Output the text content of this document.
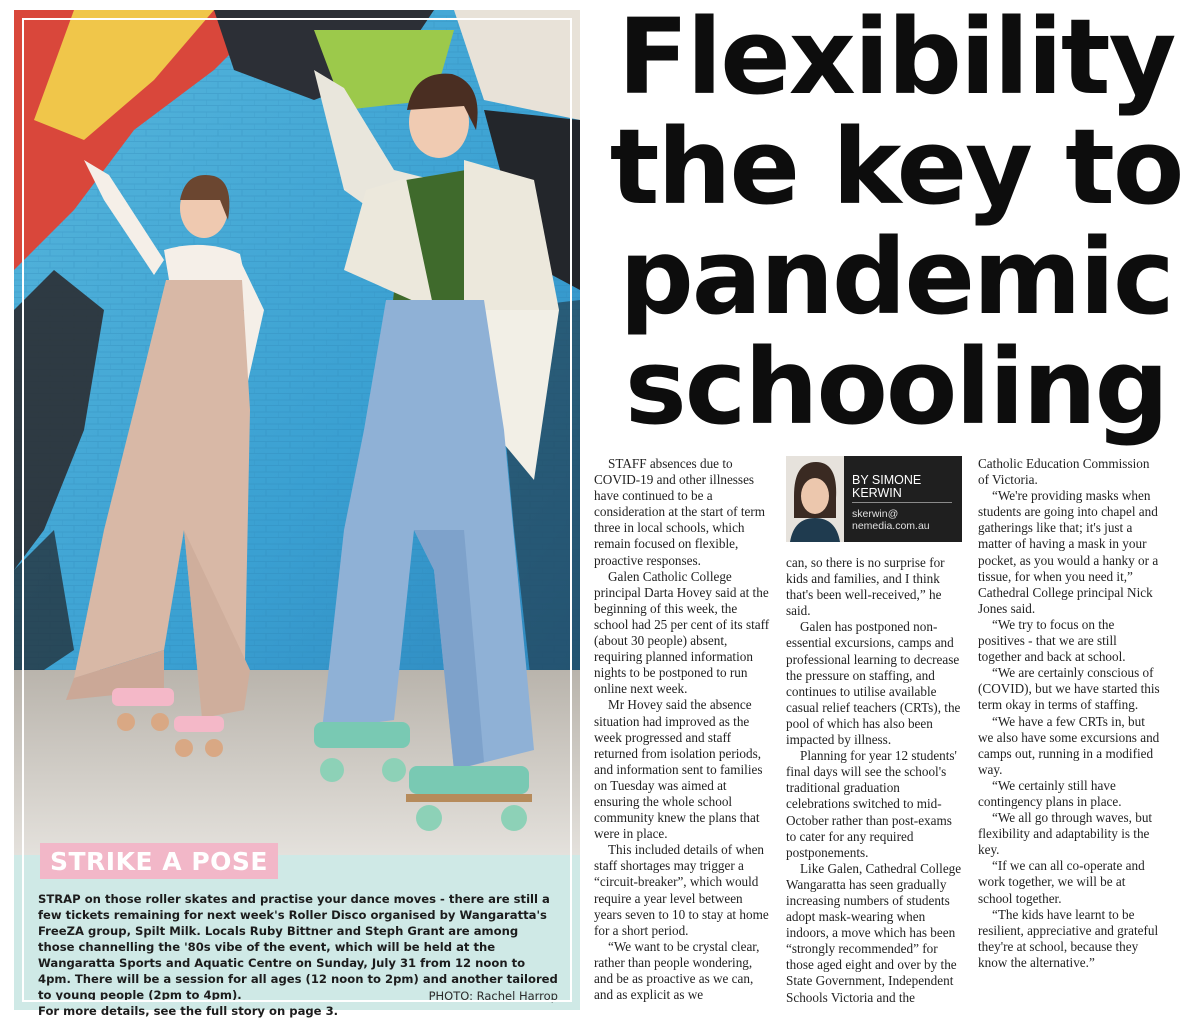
STRIKE A POSE
STRAP on those roller skates and practise your dance moves - there are still a few tickets remaining for next week's Roller Disco organised by Wangaratta's FreeZA group, Spilt Milk. Locals Ruby Bittner and Steph Grant are among those channelling the '80s vibe of the event, which will be held at the Wangaratta Sports and Aquatic Centre on Sunday, July 31 from 12 noon to 4pm. There will be a session for all ages (12 noon to 2pm) and another tailored to young people (2pm to 4pm).
For more details, see the full story on page 3.
PHOTO: Rachel Harrop
Flexibility
the key to
pandemic
schooling

STAFF absences due to COVID-19 and other illnesses have continued to be a consideration at the start of term three in local schools, which remain focused on flexible, proactive responses.

Galen Catholic College principal Darta Hovey said at the beginning of this week, the school had 25 per cent of its staff (about 30 people) absent, requiring planned information nights to be postponed to run online next week.

Mr Hovey said the absence situation had improved as the week progressed and staff returned from isolation periods, and information sent to families on Tuesday was aimed at ensuring the whole school community knew the plans that were in place.

This included details of when staff shortages may trigger a “circuit-breaker”, which would require a year level between years seven to 10 to stay at home for a short period.

“We want to be crystal clear, rather than people wondering, and be as proactive as we can, and as explicit as we

BY SIMONE
KERWIN
skerwin@
nemedia.com.au

can, so there is no surprise for kids and families, and I think that's been well-received,” he said.

Galen has postponed non-essential excursions, camps and professional learning to decrease the pressure on staffing, and continues to utilise available casual relief teachers (CRTs), the pool of which has also been impacted by illness.

Planning for year 12 students' final days will see the school's traditional graduation celebrations switched to mid-October rather than post-exams to cater for any required postponements.

Like Galen, Cathedral College Wangaratta has seen gradually increasing numbers of students adopt mask-wearing when indoors, a move which has been “strongly recommended” for those aged eight and over by the State Government, Independent Schools Victoria and the

Catholic Education Commission of Victoria.

“We're providing masks when students are going into chapel and gatherings like that; it's just a matter of having a mask in your pocket, as you would a hanky or a tissue, for when you need it,” Cathedral College principal Nick Jones said.

“We try to focus on the positives - that we are still together and back at school.

“We are certainly conscious of (COVID), but we have started this term okay in terms of staffing.

“We have a few CRTs in, but we also have some excursions and camps out, running in a modified way.

“We certainly still have contingency plans in place.

“We all go through waves, but flexibility and adaptability is the key.

“If we can all co-operate and work together, we will be at school together.

“The kids have learnt to be resilient, appreciative and grateful they're at school, because they know the alternative.”
